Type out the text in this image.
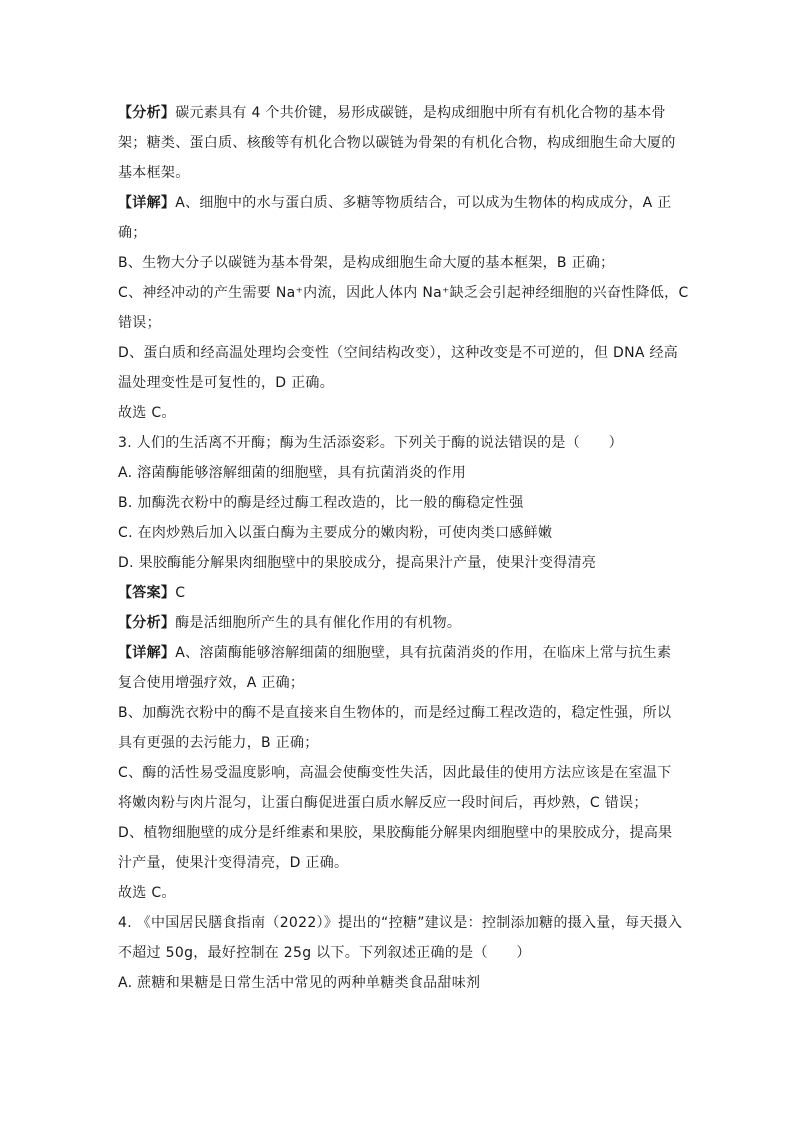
【分析】碳元素具有 4 个共价键，易形成碳链，是构成细胞中所有有机化合物的基本骨
架；糖类、蛋白质、核酸等有机化合物以碳链为骨架的有机化合物，构成细胞生命大厦的
基本框架。
【详解】A、细胞中的水与蛋白质、多糖等物质结合，可以成为生物体的构成成分，A 正
确；
B、生物大分子以碳链为基本骨架，是构成细胞生命大厦的基本框架，B 正确；
C、神经冲动的产生需要 Na⁺内流，因此人体内 Na⁺缺乏会引起神经细胞的兴奋性降低，C
错误；
D、蛋白质和经高温处理均会变性（空间结构改变），这种改变是不可逆的，但 DNA 经高
温处理变性是可复性的，D 正确。
故选 C。
3. 人们的生活离不开酶；酶为生活添姿彩。下列关于酶的说法错误的是（　　）
A. 溶菌酶能够溶解细菌的细胞壁，具有抗菌消炎的作用
B. 加酶洗衣粉中的酶是经过酶工程改造的，比一般的酶稳定性强
C. 在肉炒熟后加入以蛋白酶为主要成分的嫩肉粉，可使肉类口感鲜嫩
D. 果胶酶能分解果肉细胞壁中的果胶成分，提高果汁产量，使果汁变得清亮
【答案】C
【分析】酶是活细胞所产生的具有催化作用的有机物。
【详解】A、溶菌酶能够溶解细菌的细胞壁，具有抗菌消炎的作用，在临床上常与抗生素
复合使用增强疗效，A 正确；
B、加酶洗衣粉中的酶不是直接来自生物体的，而是经过酶工程改造的，稳定性强，所以
具有更强的去污能力，B 正确；
C、酶的活性易受温度影响，高温会使酶变性失活，因此最佳的使用方法应该是在室温下
将嫩肉粉与肉片混匀，让蛋白酶促进蛋白质水解反应一段时间后，再炒熟，C 错误；
D、植物细胞壁的成分是纤维素和果胶，果胶酶能分解果肉细胞壁中的果胶成分，提高果
汁产量，使果汁变得清亮，D 正确。
故选 C。
4. 《中国居民膳食指南（2022）》提出的“控糖”建议是：控制添加糖的摄入量，每天摄入
不超过 50g，最好控制在 25g 以下。下列叙述正确的是（　　）
A. 蔗糖和果糖是日常生活中常见的两种单糖类食品甜味剂
